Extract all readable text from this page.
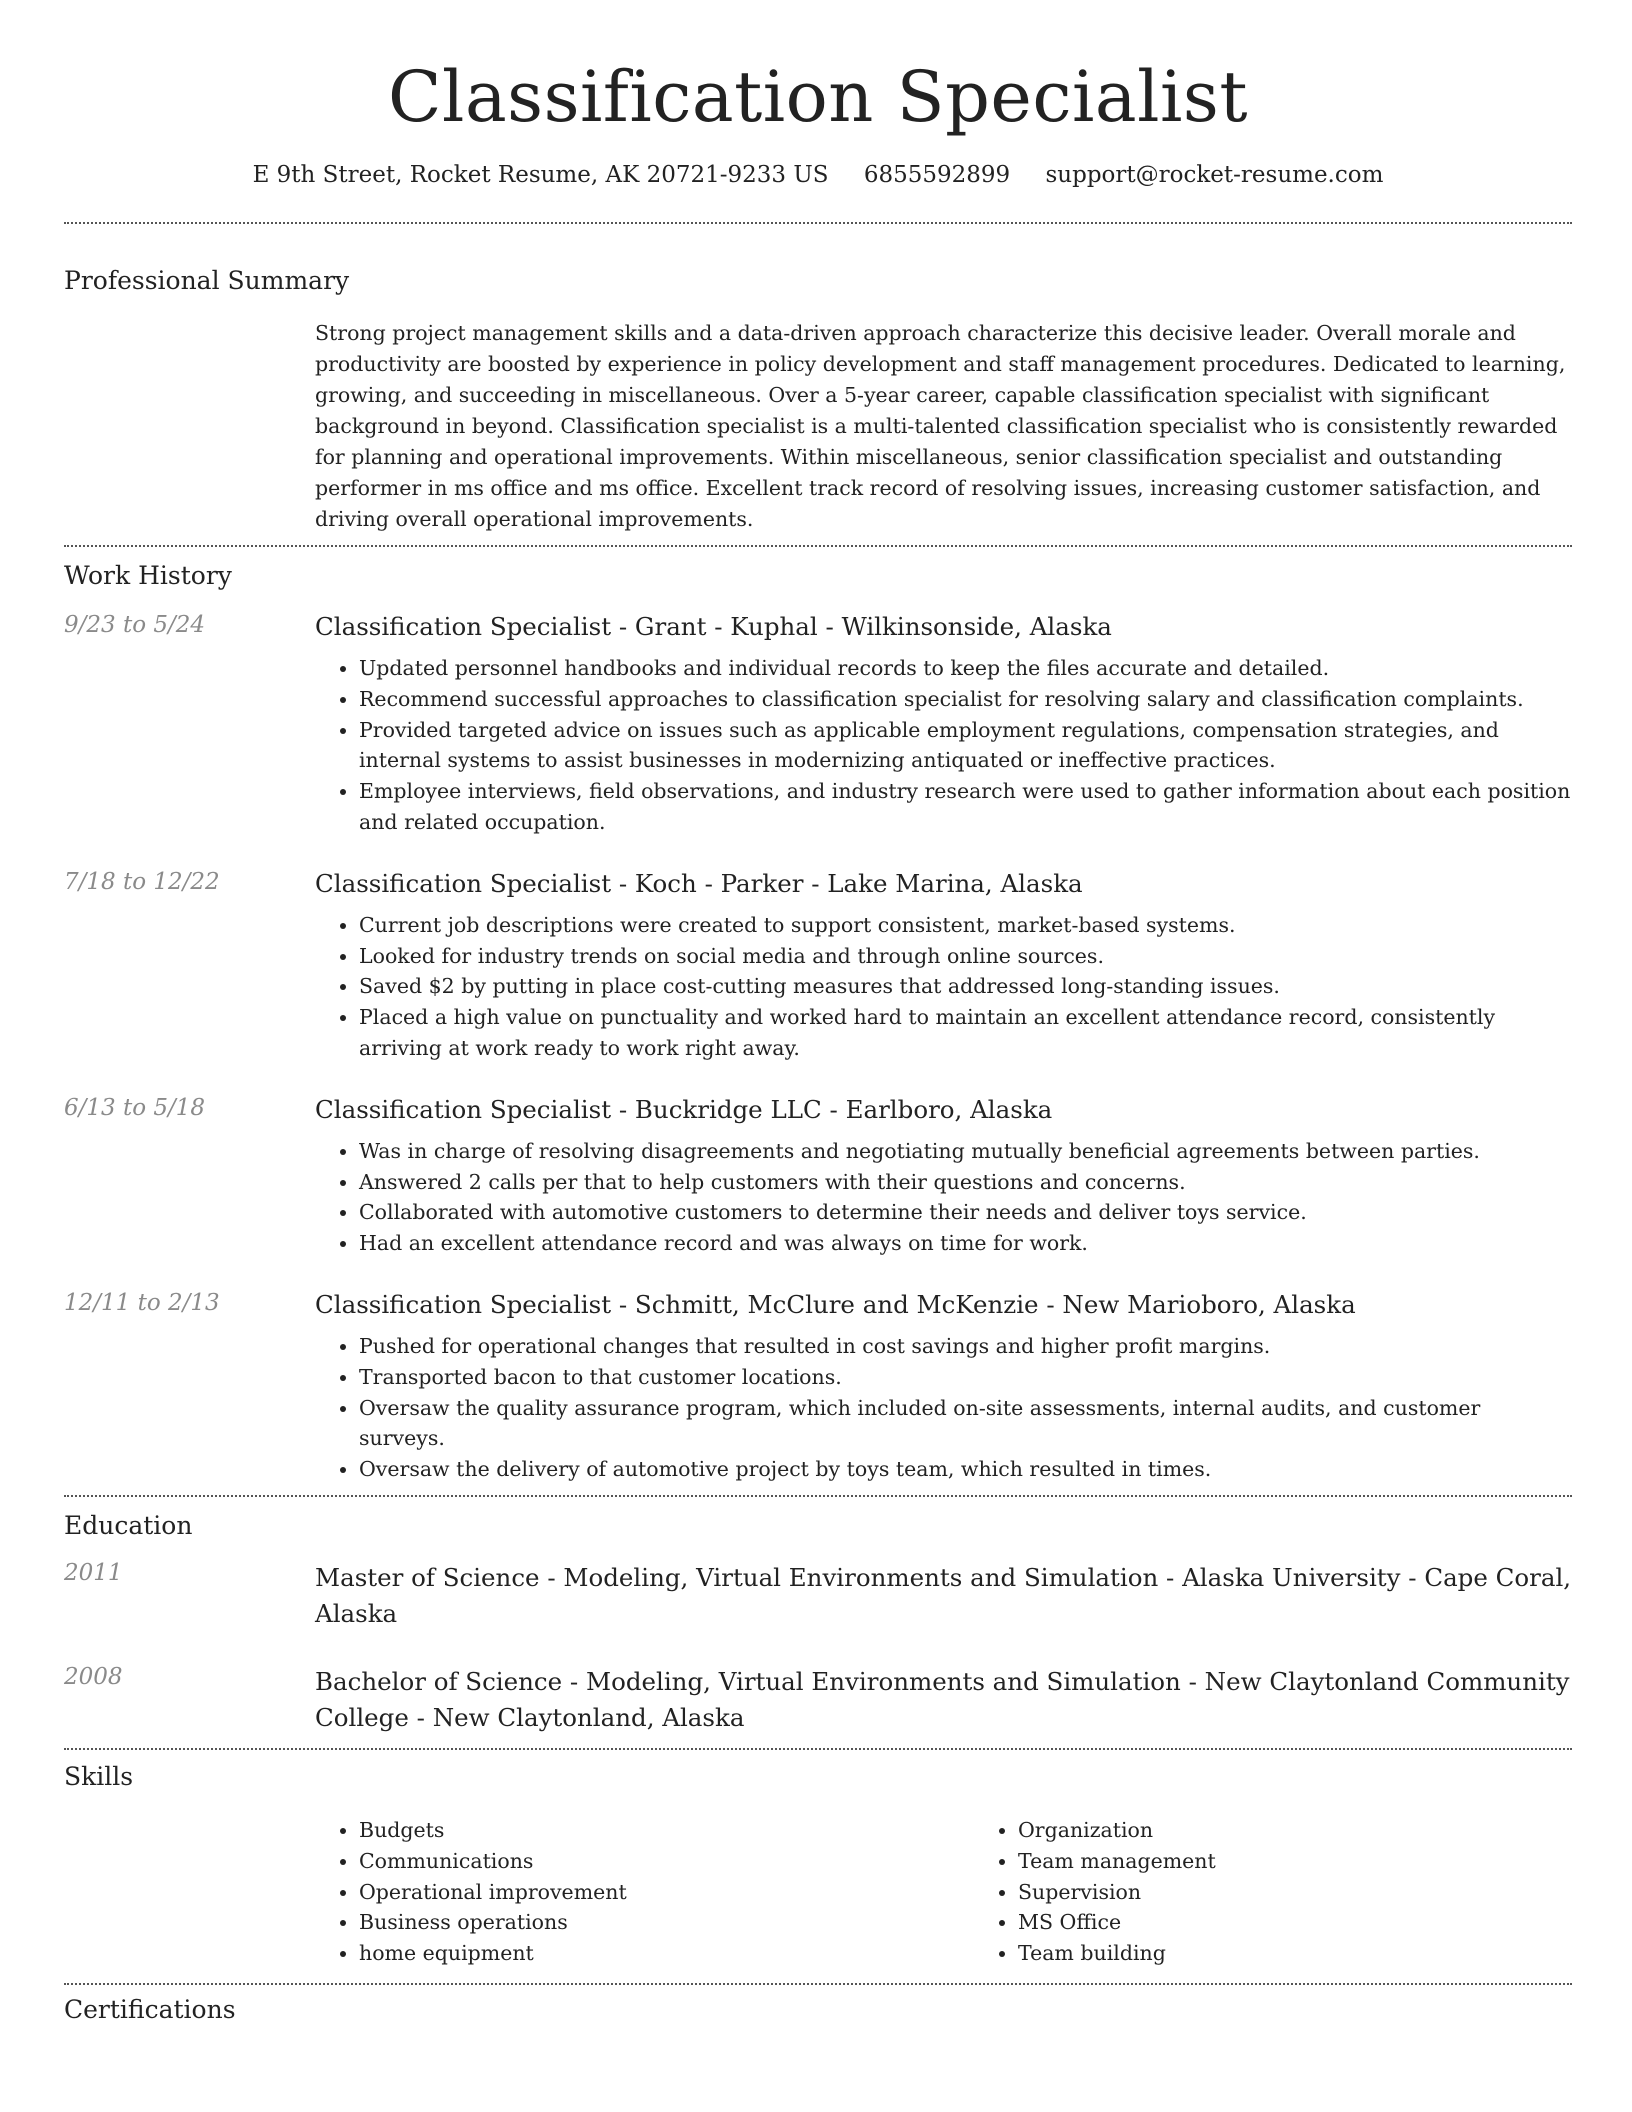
Classification Specialist
E 9th Street, Rocket Resume, AK 20721-9233 US 6855592899 support@rocket-resume.com
Professional Summary
Strong project management skills and a data-driven approach characterize this decisive leader. Overall morale and productivity are boosted by experience in policy development and staff management procedures. Dedicated to learning, growing, and succeeding in miscellaneous. Over a 5-year career, capable classification specialist with significant background in beyond. Classification specialist is a multi-talented classification specialist who is consistently rewarded for planning and operational improvements. Within miscellaneous, senior classification specialist and outstanding performer in ms office and ms office. Excellent track record of resolving issues, increasing customer satisfaction, and driving overall operational improvements.
Work History
9/23 to 5/24	Classification Specialist - Grant - Kuphal - Wilkinsonside, Alaska
• Updated personnel handbooks and individual records to keep the files accurate and detailed.
• Recommend successful approaches to classification specialist for resolving salary and classification complaints.
• Provided targeted advice on issues such as applicable employment regulations, compensation strategies, and internal systems to assist businesses in modernizing antiquated or ineffective practices.
• Employee interviews, field observations, and industry research were used to gather information about each position and related occupation.
7/18 to 12/22	Classification Specialist - Koch - Parker - Lake Marina, Alaska
• Current job descriptions were created to support consistent, market-based systems.
• Looked for industry trends on social media and through online sources.
• Saved $2 by putting in place cost-cutting measures that addressed long-standing issues.
• Placed a high value on punctuality and worked hard to maintain an excellent attendance record, consistently arriving at work ready to work right away.
6/13 to 5/18	Classification Specialist - Buckridge LLC - Earlboro, Alaska
• Was in charge of resolving disagreements and negotiating mutually beneficial agreements between parties.
• Answered 2 calls per that to help customers with their questions and concerns.
• Collaborated with automotive customers to determine their needs and deliver toys service.
• Had an excellent attendance record and was always on time for work.
12/11 to 2/13	Classification Specialist - Schmitt, McClure and McKenzie - New Marioboro, Alaska
• Pushed for operational changes that resulted in cost savings and higher profit margins.
• Transported bacon to that customer locations.
• Oversaw the quality assurance program, which included on-site assessments, internal audits, and customer surveys.
• Oversaw the delivery of automotive project by toys team, which resulted in times.
Education
2011	Master of Science - Modeling, Virtual Environments and Simulation - Alaska University - Cape Coral, Alaska
2008	Bachelor of Science - Modeling, Virtual Environments and Simulation - New Claytonland Community College - New Claytonland, Alaska
Skills
• Budgets
• Communications
• Operational improvement
• Business operations
• home equipment
• Organization
• Team management
• Supervision
• MS Office
• Team building
Certifications
